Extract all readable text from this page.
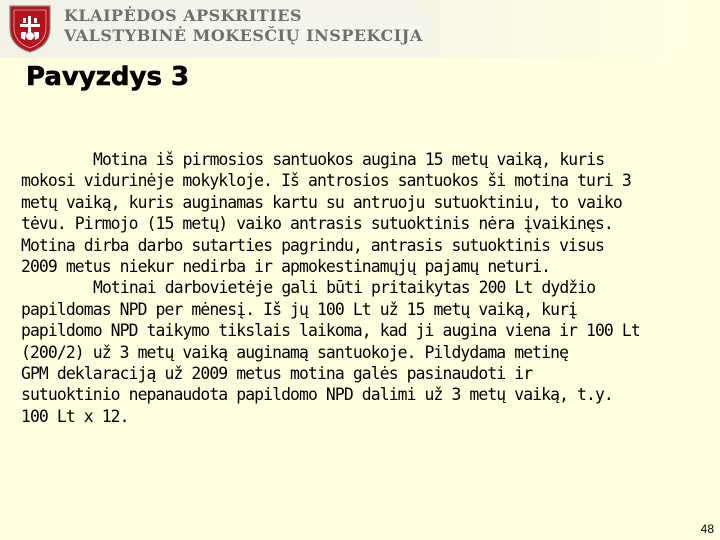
KLAIPĖDOS APSKRITIES
VALSTYBINĖ MOKESČIŲ INSPEKCIJA
Pavyzdys 3
Motina iš pirmosios santuokos augina 15 metų vaiką, kuris
mokosi vidurinėje mokykloje. Iš antrosios santuokos ši motina turi 3
metų vaiką, kuris auginamas kartu su antruoju sutuoktiniu, to vaiko
tėvu. Pirmojo (15 metų) vaiko antrasis sutuoktinis nėra įvaikinęs.
Motina dirba darbo sutarties pagrindu, antrasis sutuoktinis visus
2009 metus niekur nedirba ir apmokestinamųjų pajamų neturi.
Motinai darbovietėje gali būti pritaikytas 200 Lt dydžio
papildomas NPD per mėnesį. Iš jų 100 Lt už 15 metų vaiką, kurį
papildomo NPD taikymo tikslais laikoma, kad ji augina viena ir 100 Lt
(200/2) už 3 metų vaiką auginamą santuokoje. Pildydama metinę
GPM deklaraciją už 2009 metus motina galės pasinaudoti ir
sutuoktinio nepanaudota papildomo NPD dalimi už 3 metų vaiką, t.y.
100 Lt x 12.
48
